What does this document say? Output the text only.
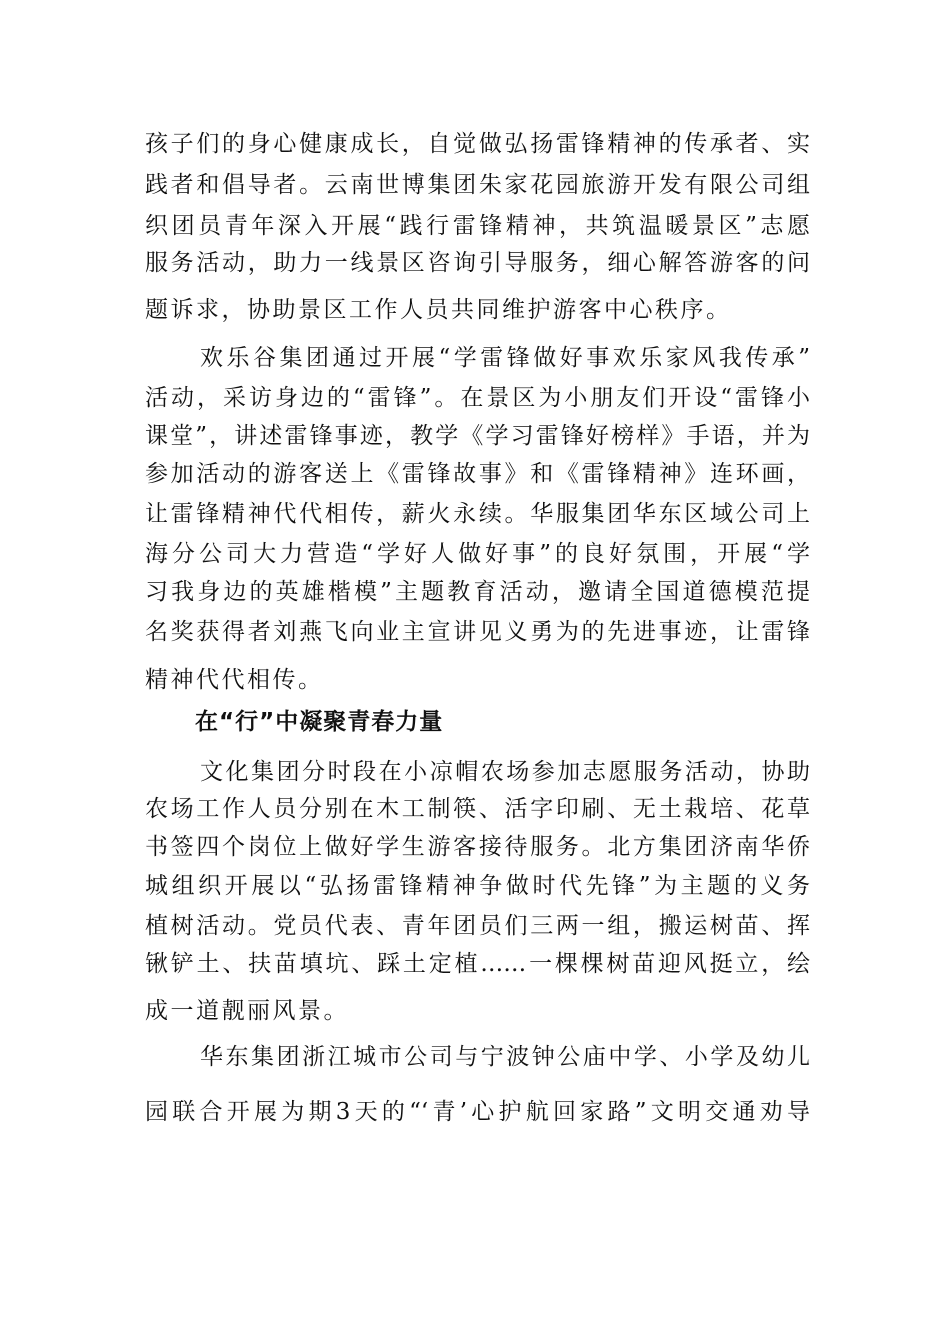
孩子们的身心健康成长，自觉做弘扬雷锋精神的传承者、实
践者和倡导者。云南世博集团朱家花园旅游开发有限公司组
织团员青年深入开展“践行雷锋精神，共筑温暖景区”志愿
服务活动，助力一线景区咨询引导服务，细心解答游客的问
题诉求，协助景区工作人员共同维护游客中心秩序。
欢乐谷集团通过开展“学雷锋做好事欢乐家风我传承”
活动，采访身边的“雷锋”。在景区为小朋友们开设“雷锋小
课堂”，讲述雷锋事迹，教学《学习雷锋好榜样》手语，并为
参加活动的游客送上《雷锋故事》和《雷锋精神》连环画，
让雷锋精神代代相传，薪火永续。华服集团华东区域公司上
海分公司大力营造“学好人做好事”的良好氛围，开展“学
习我身边的英雄楷模”主题教育活动，邀请全国道德模范提
名奖获得者刘燕飞向业主宣讲见义勇为的先进事迹，让雷锋
精神代代相传。
在“行”中凝聚青春力量
文化集团分时段在小凉帽农场参加志愿服务活动，协助
农场工作人员分别在木工制筷、活字印刷、无土栽培、花草
书签四个岗位上做好学生游客接待服务。北方集团济南华侨
城组织开展以“弘扬雷锋精神争做时代先锋”为主题的义务
植树活动。党员代表、青年团员们三两一组，搬运树苗、挥
锹铲土、扶苗填坑、踩土定植……一棵棵树苗迎风挺立，绘
成一道靓丽风景。
华东集团浙江城市公司与宁波钟公庙中学、小学及幼儿
园联合开展为期3天的“‘青’心护航回家路”文明交通劝导
